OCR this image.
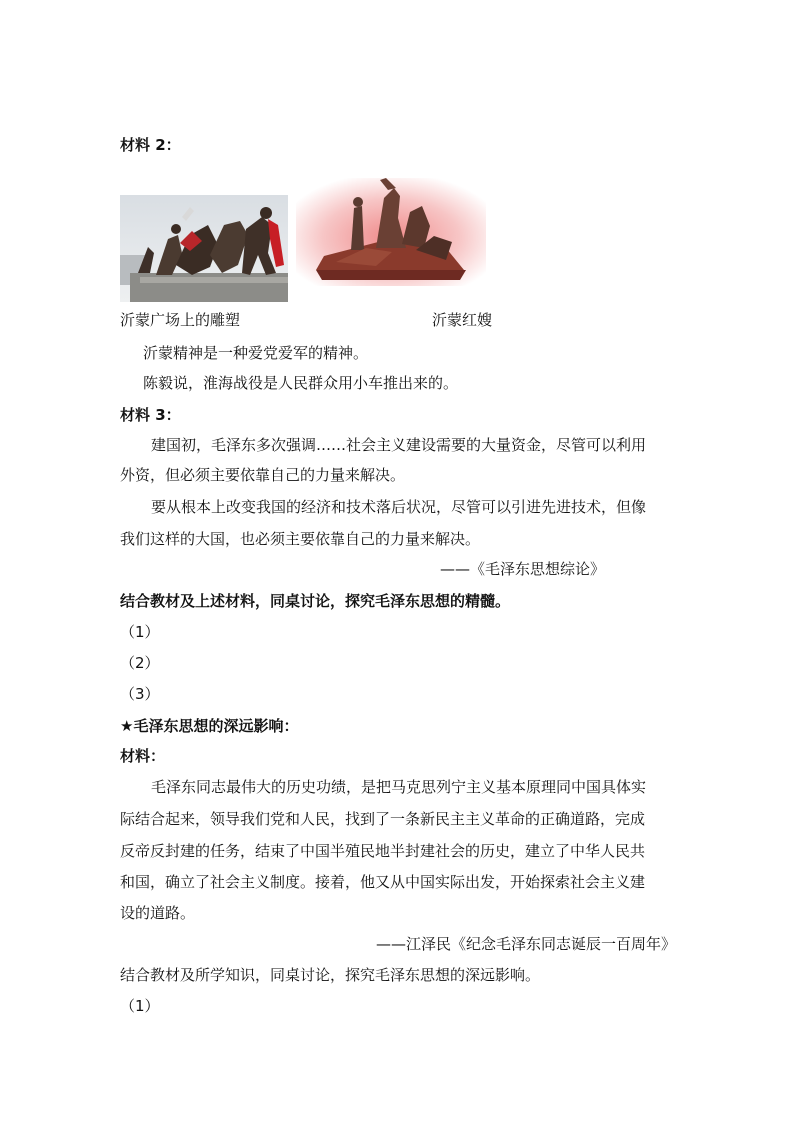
材料 2：
沂蒙广场上的雕塑	沂蒙红嫂
沂蒙精神是一种爱党爱军的精神。
陈毅说，淮海战役是人民群众用小车推出来的。
材料 3：
建国初，毛泽东多次强调……社会主义建设需要的大量资金，尽管可以利用
外资，但必须主要依靠自己的力量来解决。
要从根本上改变我国的经济和技术落后状况，尽管可以引进先进技术，但像
我们这样的大国，也必须主要依靠自己的力量来解决。
——《毛泽东思想综论》
结合教材及上述材料，同桌讨论，探究毛泽东思想的精髓。
（1）
（2）
（3）
★毛泽东思想的深远影响：
材料：
毛泽东同志最伟大的历史功绩，是把马克思列宁主义基本原理同中国具体实
际结合起来，领导我们党和人民，找到了一条新民主主义革命的正确道路，完成
反帝反封建的任务，结束了中国半殖民地半封建社会的历史，建立了中华人民共
和国，确立了社会主义制度。接着，他又从中国实际出发，开始探索社会主义建
设的道路。
——江泽民《纪念毛泽东同志诞辰一百周年》
结合教材及所学知识，同桌讨论，探究毛泽东思想的深远影响。
（1）
